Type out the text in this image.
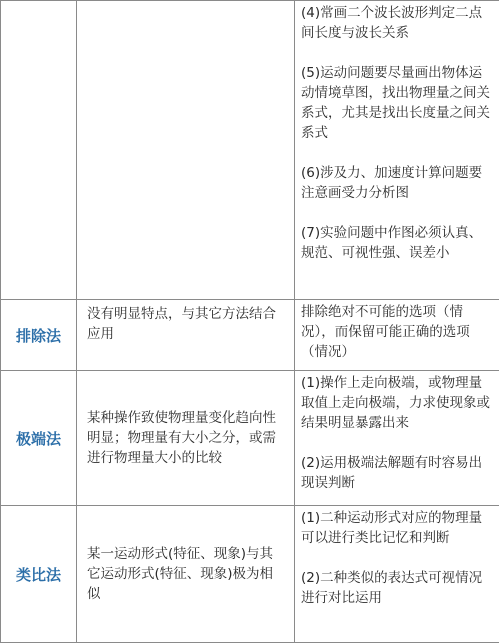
		(4)常画二个波长波形判定二点间长度与波长关系

(5)运动问题要尽量画出物体运动情境草图，找出物理量之间关系式，尤其是找出长度量之间关系式

(6)涉及力、加速度计算问题要注意画受力分析图

(7)实验问题中作图必须认真、规范、可视性强、误差小

排除法	没有明显特点，与其它方法结合应用	排除绝对不可能的选项（情况），而保留可能正确的选项（情况）

极端法	某种操作致使物理量变化趋向性明显；物理量有大小之分，或需进行物理量大小的比较	(1)操作上走向极端，或物理量取值上走向极端，力求使现象或结果明显暴露出来

(2)运用极端法解题有时容易出现误判断

类比法	某一运动形式(特征、现象)与其它运动形式(特征、现象)极为相似	(1)二种运动形式对应的物理量可以进行类比记忆和判断

(2)二种类似的表达式可视情况进行对比运用
